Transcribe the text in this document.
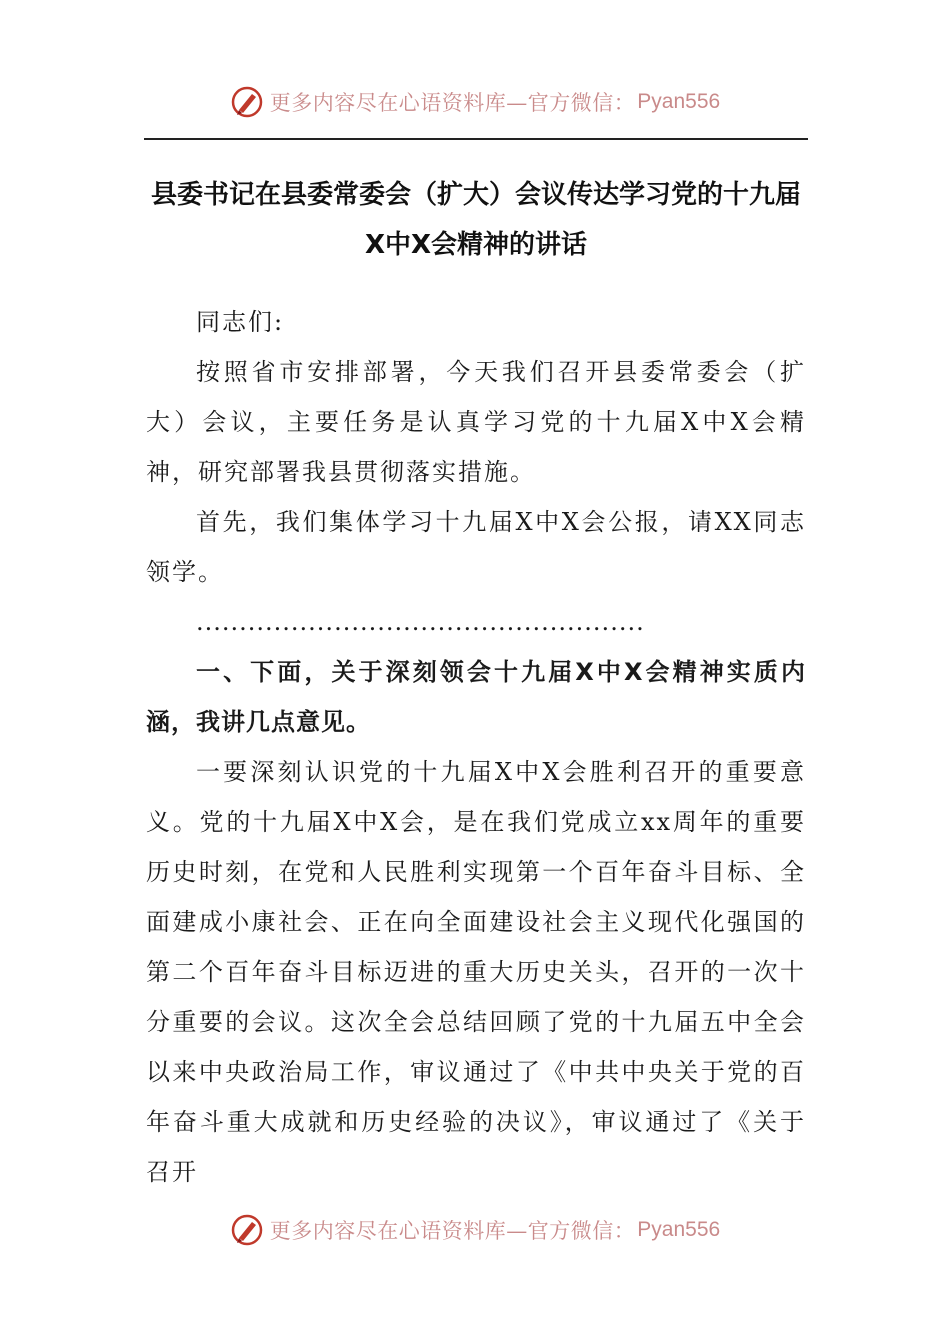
更多内容尽在心语资料库—官方微信： Pyan556
县委书记在县委常委会（扩大）会议传达学习党的十九届X中X会精神的讲话

同志们:

按照省市安排部署，今天我们召开县委常委会（扩大）会议，主要任务是认真学习党的十九届X中X会精神，研究部署我县贯彻落实措施。

首先，我们集体学习十九届X中X会公报，请XX同志领学。

....................................................

一、下面，关于深刻领会十九届X中X会精神实质内涵，我讲几点意见。

一要深刻认识党的十九届X中X会胜利召开的重要意义。党的十九届X中X会，是在我们党成立xx周年的重要历史时刻，在党和人民胜利实现第一个百年奋斗目标、全面建成小康社会、正在向全面建设社会主义现代化强国的第二个百年奋斗目标迈进的重大历史关头，召开的一次十分重要的会议。这次全会总结回顾了党的十九届五中全会以来中央政治局工作，审议通过了《中共中央关于党的百年奋斗重大成就和历史经验的决议》，审议通过了《关于召开

更多内容尽在心语资料库—官方微信： Pyan556
